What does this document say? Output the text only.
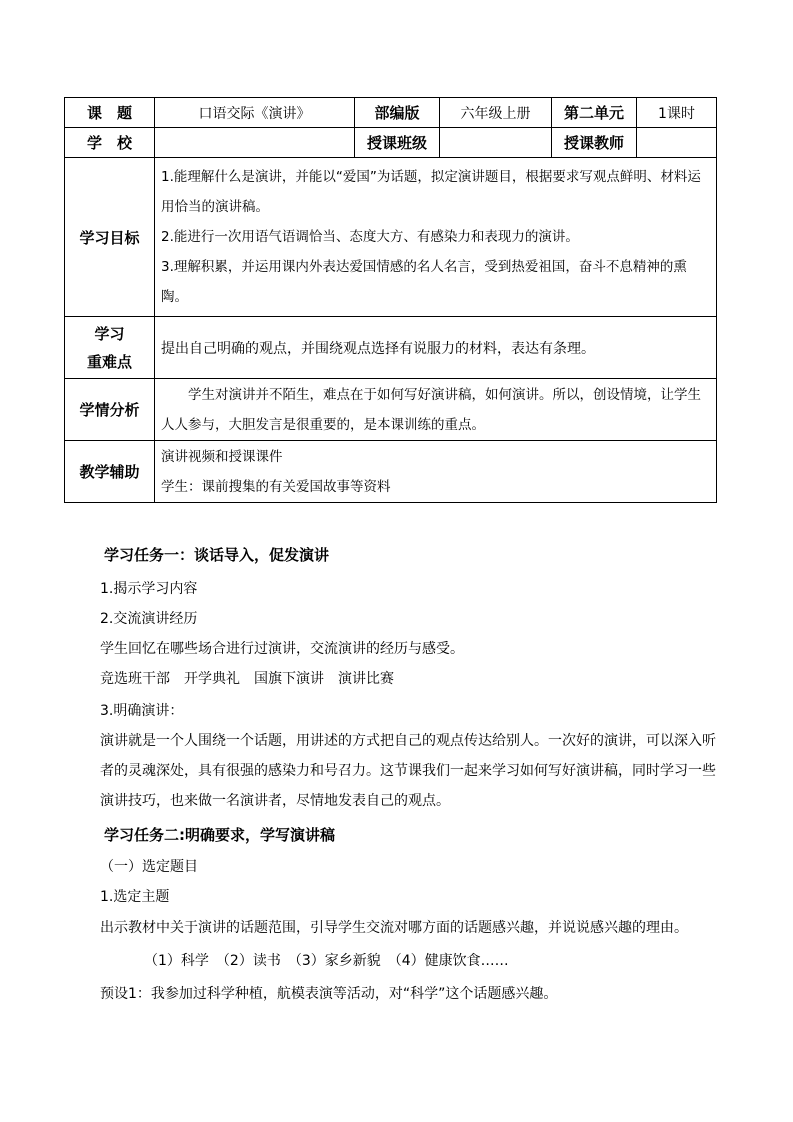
课　题	口语交际《演讲》	部编版	六年级上册	第二单元	1课时
学　校		授课班级		授课教师	
学习目标	1.能理解什么是演讲，并能以“爱国”为话题，拟定演讲题目，根据要求写观点鲜明、材料运用恰当的演讲稿。

2.能进行一次用语气语调恰当、态度大方、有感染力和表现力的演讲。

3.理解积累，并运用课内外表达爱国情感的名人名言，受到热爱祖国，奋斗不息精神的熏陶。				

学习
重难点	提出自己明确的观点，并围绕观点选择有说服力的材料，表达有条理。				
学情分析	学生对演讲并不陌生，难点在于如何写好演讲稿，如何演讲。所以，创设情境，让学生人人参与，大胆发言是很重要的，是本课训练的重点。				

教学辅助	演讲视频和授课课件

学生：课前搜集的有关爱国故事等资料				

学习任务一：谈话导入，促发演讲
1.揭示学习内容
2.交流演讲经历
学生回忆在哪些场合进行过演讲，交流演讲的经历与感受。
竞选班干部　开学典礼　国旗下演讲　演讲比赛
3.明确演讲：
演讲就是一个人围绕一个话题，用讲述的方式把自己的观点传达给别人。一次好的演讲，可以深入听者的灵魂深处，具有很强的感染力和号召力。这节课我们一起来学习如何写好演讲稿，同时学习一些演讲技巧，也来做一名演讲者，尽情地发表自己的观点。
学习任务二:明确要求，学写演讲稿
（一）选定题目
1.选定主题
出示教材中关于演讲的话题范围，引导学生交流对哪方面的话题感兴趣，并说说感兴趣的理由。
（1）科学　（2）读书　（3）家乡新貌　（4）健康饮食……
预设1：我参加过科学种植，航模表演等活动，对“科学”这个话题感兴趣。
